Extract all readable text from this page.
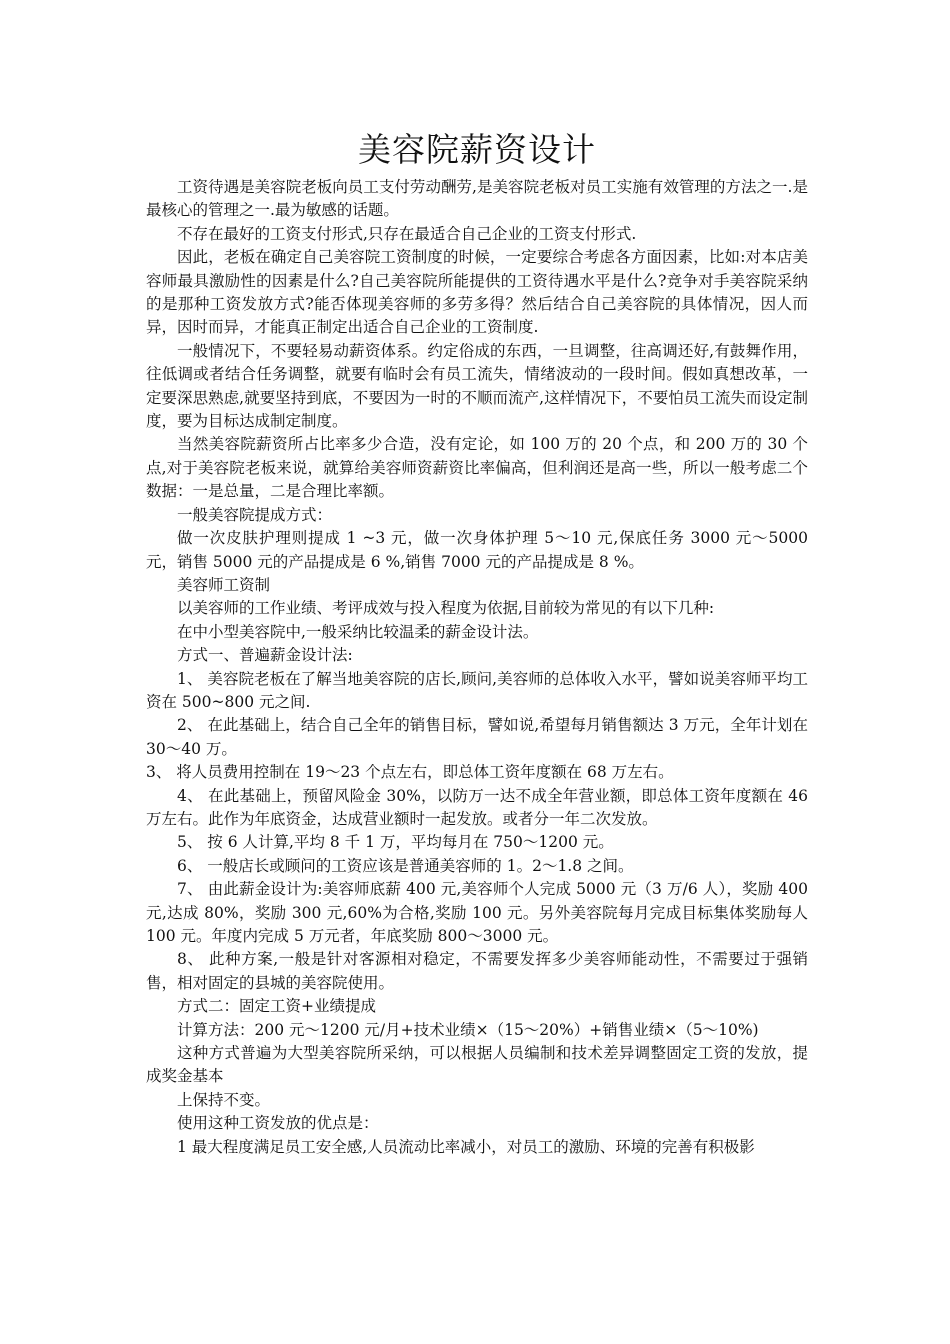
美容院薪资设计

工资待遇是美容院老板向员工支付劳动酬劳,是美容院老板对员工实施有效管理的方法之一.是最核心的管理之一.最为敏感的话题。

不存在最好的工资支付形式,只存在最适合自己企业的工资支付形式.

因此，老板在确定自己美容院工资制度的时候，一定要综合考虑各方面因素，比如:对本店美容师最具激励性的因素是什么?自己美容院所能提供的工资待遇水平是什么?竞争对手美容院采纳的是那种工资发放方式?能否体现美容师的多劳多得？然后结合自己美容院的具体情况，因人而异，因时而异，才能真正制定出适合自己企业的工资制度.

一般情况下，不要轻易动薪资体系。约定俗成的东西，一旦调整，往高调还好,有鼓舞作用，往低调或者结合任务调整，就要有临时会有员工流失，情绪波动的一段时间。假如真想改革，一定要深思熟虑,就要坚持到底，不要因为一时的不顺而流产,这样情况下，不要怕员工流失而设定制度，要为目标达成制定制度。

当然美容院薪资所占比率多少合造，没有定论，如 100 万的 20 个点，和 200 万的 30 个点,对于美容院老板来说，就算给美容师资薪资比率偏高，但利润还是高一些，所以一般考虑二个数据：一是总量，二是合理比率额。

一般美容院提成方式：

做一次皮肤护理则提成 1 ~3 元，做一次身体护理 5～10 元,保底任务 3000 元～5000 元，销售 5000 元的产品提成是 6 %,销售 7000 元的产品提成是 8 %。

美容师工资制

以美容师的工作业绩、考评成效与投入程度为依据,目前较为常见的有以下几种:

在中小型美容院中,一般采纳比较温柔的薪金设计法。

方式一、普遍薪金设计法:

1、 美容院老板在了解当地美容院的店长,顾问,美容师的总体收入水平，譬如说美容师平均工资在 500~800 元之间.

2、 在此基础上，结合自己全年的销售目标，譬如说,希望每月销售额达 3 万元，全年计划在 30～40 万。

3、 将人员费用控制在 19～23 个点左右，即总体工资年度额在 68 万左右。

4、 在此基础上，预留风险金 30%，以防万一达不成全年营业额，即总体工资年度额在 46 万左右。此作为年底资金，达成营业额时一起发放。或者分一年二次发放。

5、 按 6 人计算,平均 8 千 1 万，平均每月在 750～1200 元。

6、 一般店长或顾问的工资应该是普通美容师的 1。2～1.8 之间。

7、 由此薪金设计为:美容师底薪 400 元,美容师个人完成 5000 元（3 万/6 人），奖励 400 元,达成 80%，奖励 300 元,60%为合格,奖励 100 元。另外美容院每月完成目标集体奖励每人 100 元。年度内完成 5 万元者，年底奖励 800～3000 元。

8、 此种方案,一般是针对客源相对稳定，不需要发挥多少美容师能动性，不需要过于强销售，相对固定的县城的美容院使用。

方式二：固定工资+业绩提成

计算方法：200 元～1200 元/月+技术业绩×（15～20%）+销售业绩×（5～10%)

这种方式普遍为大型美容院所采纳，可以根据人员编制和技术差异调整固定工资的发放，提成奖金基本

上保持不变。

使用这种工资发放的优点是：

1 最大程度满足员工安全感,人员流动比率减小，对员工的激励、环境的完善有积极影
